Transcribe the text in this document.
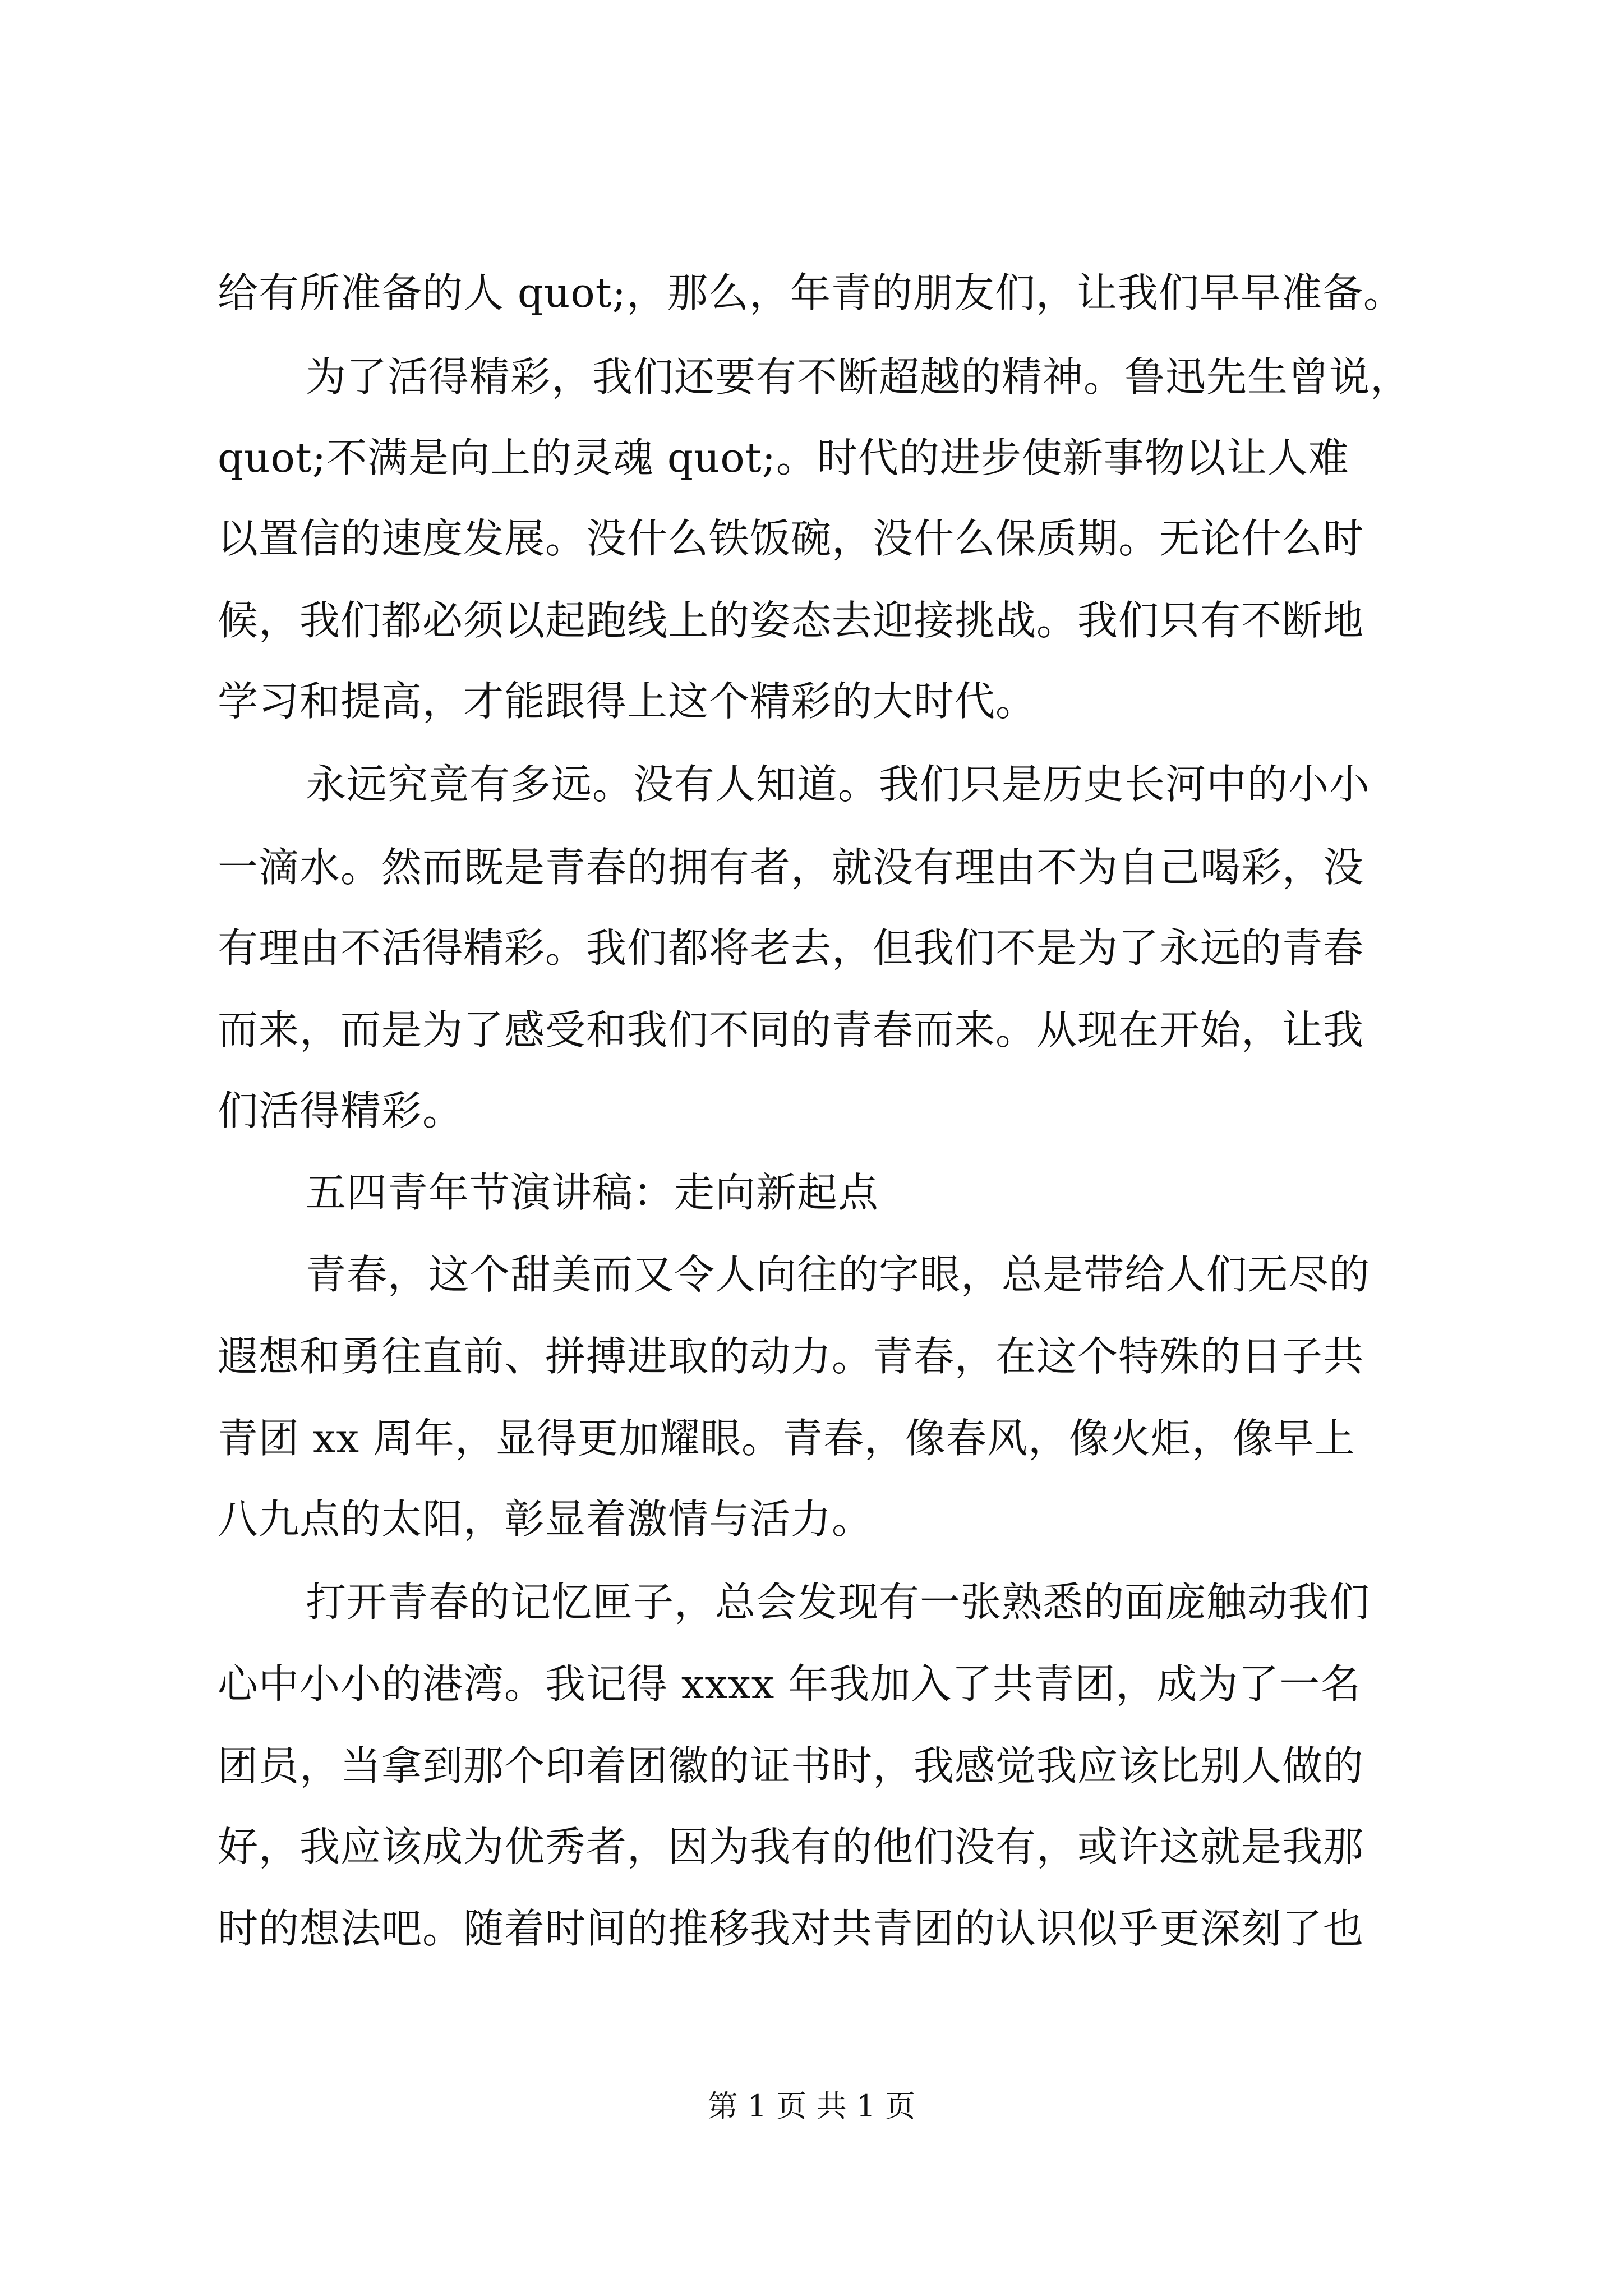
给有所准备的人 quot;，那么，年青的朋友们，让我们早早准备。
为了活得精彩，我们还要有不断超越的精神。鲁迅先生曾说，
quot;不满是向上的灵魂 quot;。时代的进步使新事物以让人难
以置信的速度发展。没什么铁饭碗，没什么保质期。无论什么时
候，我们都必须以起跑线上的姿态去迎接挑战。我们只有不断地
学习和提高，才能跟得上这个精彩的大时代。
永远究竟有多远。没有人知道。我们只是历史长河中的小小
一滴水。然而既是青春的拥有者，就没有理由不为自己喝彩，没
有理由不活得精彩。我们都将老去，但我们不是为了永远的青春
而来，而是为了感受和我们不同的青春而来。从现在开始，让我
们活得精彩。
五四青年节演讲稿：走向新起点
青春，这个甜美而又令人向往的字眼，总是带给人们无尽的
遐想和勇往直前、拼搏进取的动力。青春，在这个特殊的日子共
青团 xx 周年，显得更加耀眼。青春，像春风，像火炬，像早上
八九点的太阳，彰显着激情与活力。
打开青春的记忆匣子，总会发现有一张熟悉的面庞触动我们
心中小小的港湾。我记得 xxxx 年我加入了共青团，成为了一名
团员，当拿到那个印着团徽的证书时，我感觉我应该比别人做的
好，我应该成为优秀者，因为我有的他们没有，或许这就是我那
时的想法吧。随着时间的推移我对共青团的认识似乎更深刻了也
第 1 页 共 1 页
